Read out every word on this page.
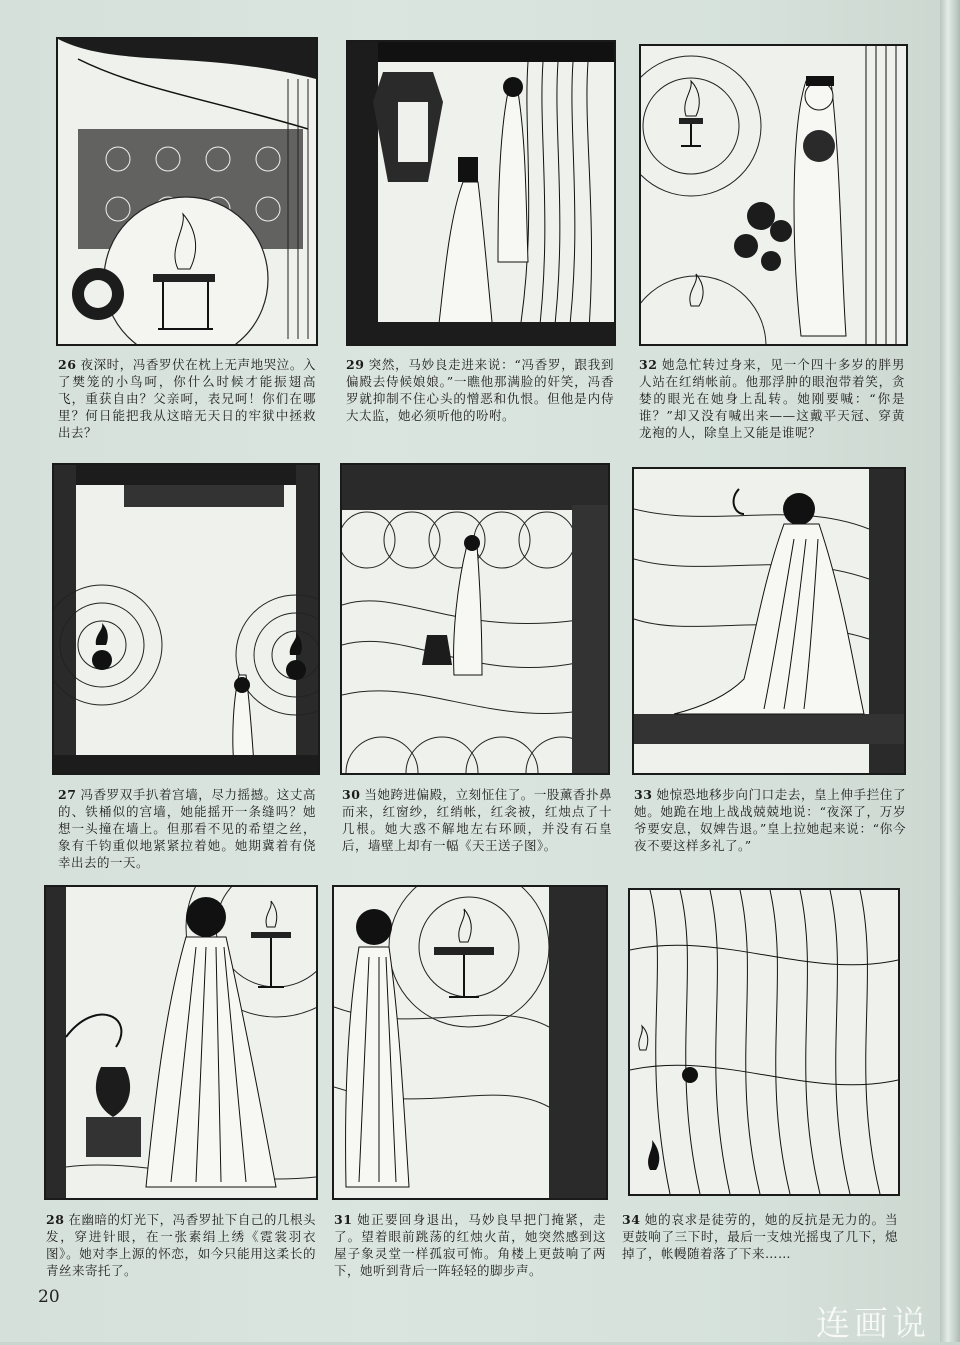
26 夜深时，冯香罗伏在枕上无声地哭泣。入了樊笼的小鸟呵，你什么时候才能振翅高飞，重获自由？父亲呵，表兄呵！你们在哪里？何日能把我从这暗无天日的牢狱中拯救出去？
29 突然，马妙良走进来说：“冯香罗，跟我到偏殿去侍候娘娘。”一瞧他那满脸的奸笑，冯香罗就抑制不住心头的憎恶和仇恨。但他是内侍大太监，她必须听他的吩咐。
32 她急忙转过身来，见一个四十多岁的胖男人站在红绡帐前。他那浮肿的眼泡带着笑，贪婪的眼光在她身上乱转。她刚要喊：“你是谁？”却又没有喊出来——这戴平天冠、穿黄龙袍的人，除皇上又能是谁呢？
27 冯香罗双手扒着宫墙，尽力摇撼。这丈高的、铁桶似的宫墙，她能摇开一条缝吗？她想一头撞在墙上。但那看不见的希望之丝，象有千钧重似地紧紧拉着她。她期冀着有侥幸出去的一天。
30 当她跨进偏殿，立刻怔住了。一股薰香扑鼻而来，红窗纱，红绡帐，红衾被，红烛点了十几根。她大惑不解地左右环顾，并没有石皇后，墙壁上却有一幅《天王送子图》。
33 她惊恐地移步向门口走去，皇上伸手拦住了她。她跪在地上战战兢兢地说：“夜深了，万岁爷要安息，奴婢告退。”皇上拉她起来说：“你今夜不要这样多礼了。”
28 在幽暗的灯光下，冯香罗扯下自己的几根头发，穿进针眼，在一张素绢上绣《霓裳羽衣图》。她对李上源的怀恋，如今只能用这柔长的青丝来寄托了。
31 她正要回身退出，马妙良早把门掩紧，走了。望着眼前跳荡的红烛火苗，她突然感到这屋子象灵堂一样孤寂可怖。角楼上更鼓响了两下，她听到背后一阵轻轻的脚步声。
34 她的哀求是徒劳的，她的反抗是无力的。当更鼓响了三下时，最后一支烛光摇曳了几下，熄掉了，帐幔随着落了下来……
20
连画说
